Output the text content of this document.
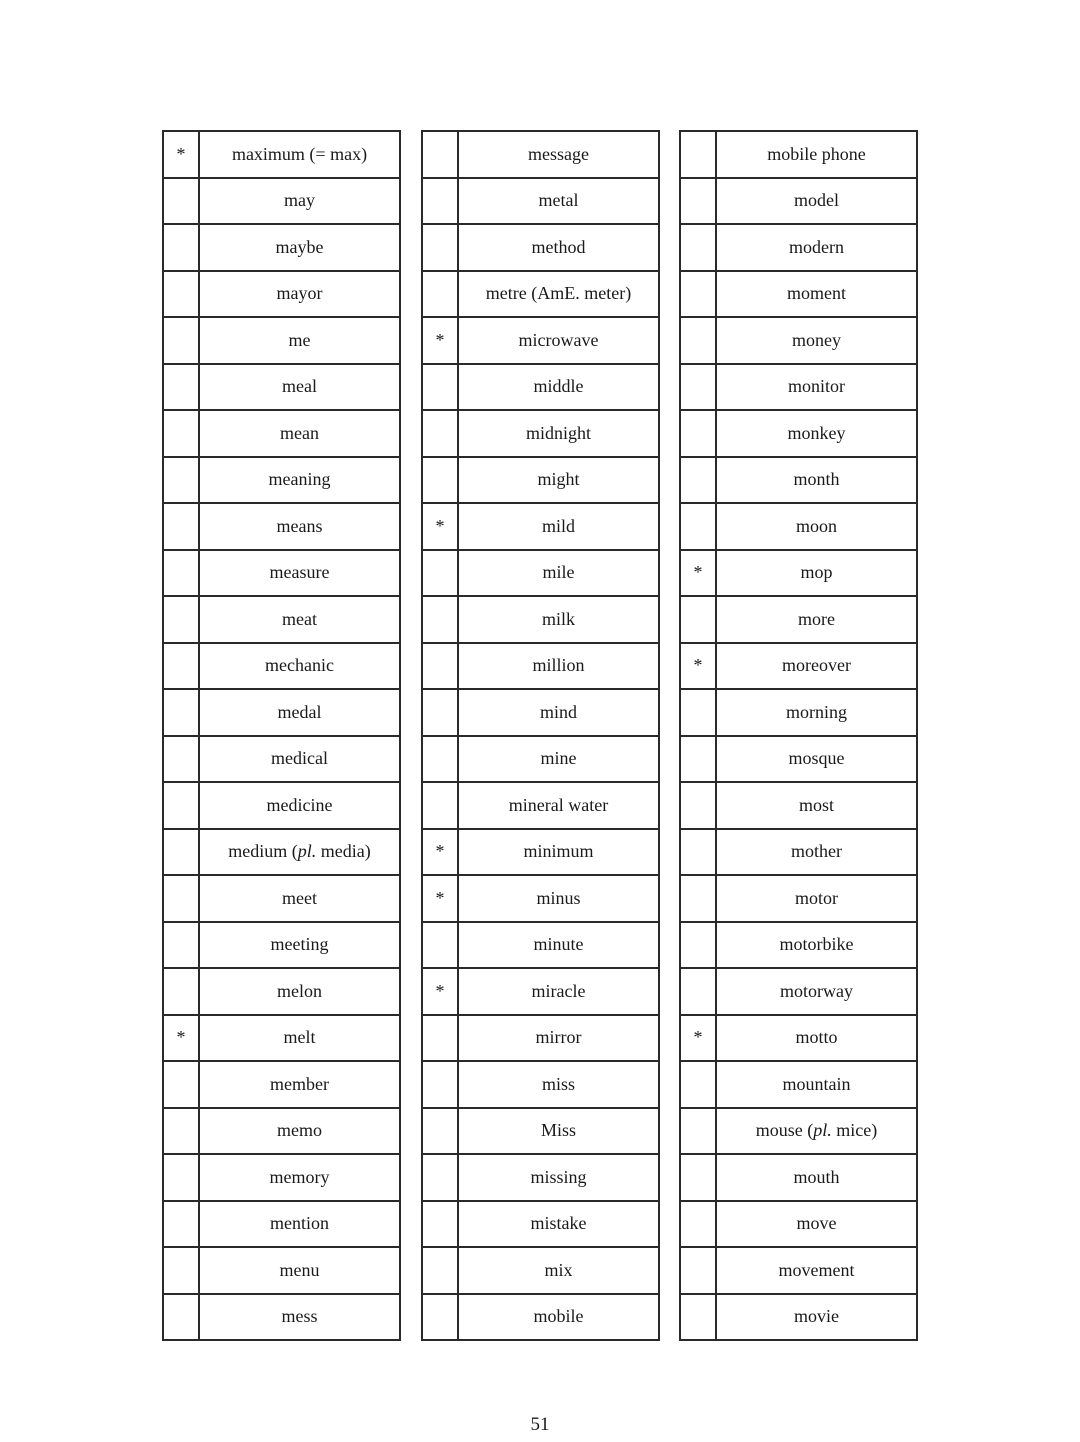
*	maximum (= max)
	may
	maybe
	mayor
	me
	meal
	mean
	meaning
	means
	measure
	meat
	mechanic
	medal
	medical
	medicine
	medium (pl. media)
	meet
	meeting
	melon
*	melt
	member
	memo
	memory
	mention
	menu
	mess
	message
	metal
	method
	metre (AmE. meter)
*	microwave
	middle
	midnight
	might
*	mild
	mile
	milk
	million
	mind
	mine
	mineral water
*	minimum
*	minus
	minute
*	miracle
	mirror
	miss
	Miss
	missing
	mistake
	mix
	mobile
	mobile phone
	model
	modern
	moment
	money
	monitor
	monkey
	month
	moon
*	mop
	more
*	moreover
	morning
	mosque
	most
	mother
	motor
	motorbike
	motorway
*	motto
	mountain
	mouse (pl. mice)
	mouth
	move
	movement
	movie
51
